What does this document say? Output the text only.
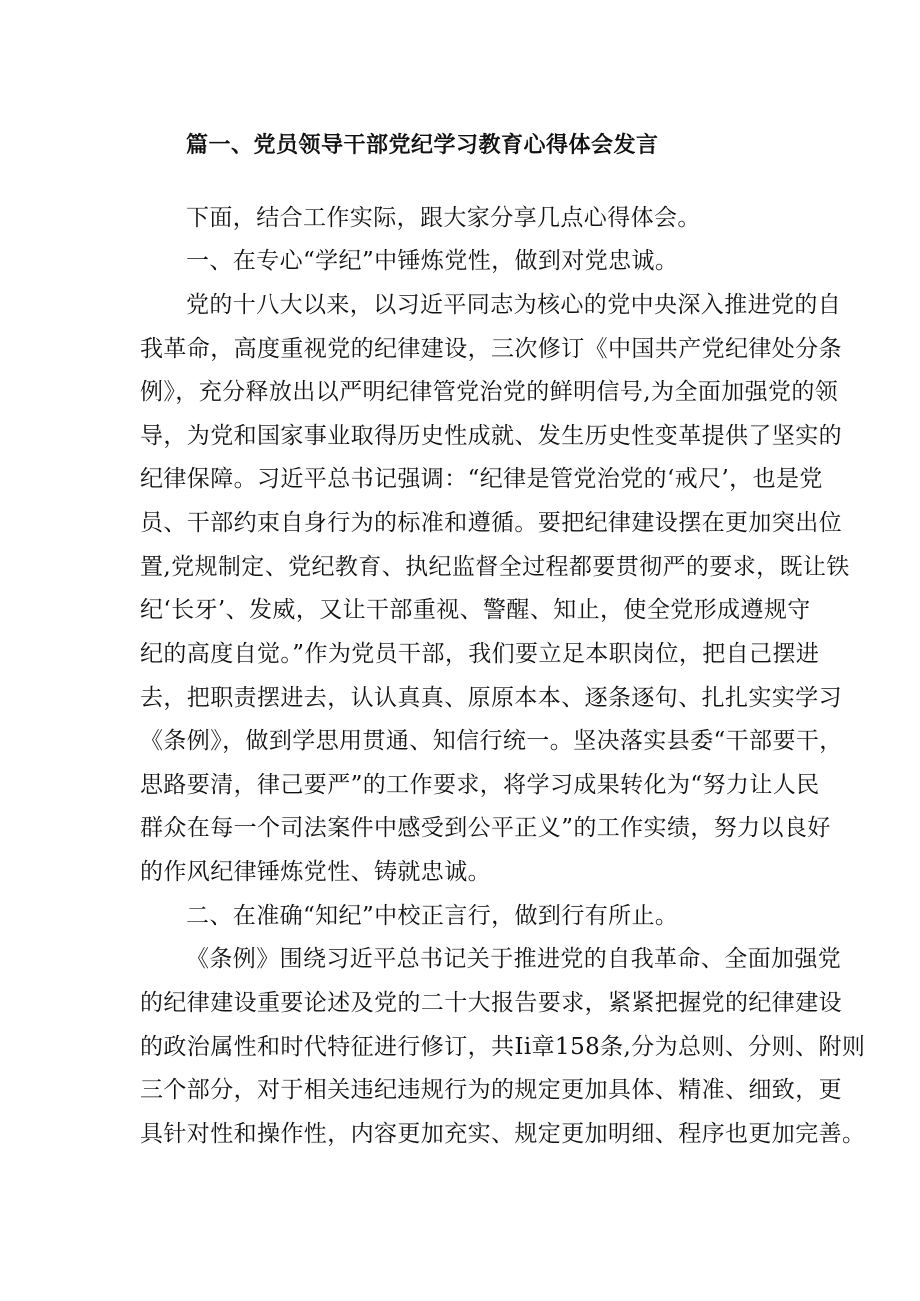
篇一、党员领导干部党纪学习教育心得体会发言
下面，结合工作实际，跟大家分享几点心得体会。
一、在专心“学纪”中锤炼党性，做到对党忠诚。
党的十八大以来，以习近平同志为核心的党中央深入推进党的自
我革命，高度重视党的纪律建设，三次修订《中国共产党纪律处分条
例》，充分释放出以严明纪律管党治党的鲜明信号,为全面加强党的领
导，为党和国家事业取得历史性成就、发生历史性变革提供了坚实的
纪律保障。习近平总书记强调：“纪律是管党治党的‘戒尺’，也是党
员、干部约束自身行为的标准和遵循。要把纪律建设摆在更加突出位
置,党规制定、党纪教育、执纪监督全过程都要贯彻严的要求，既让铁
纪‘长牙’、发威，又让干部重视、警醒、知止，使全党形成遵规守
纪的高度自觉。”作为党员干部，我们要立足本职岗位，把自己摆进
去，把职责摆进去，认认真真、原原本本、逐条逐句、扎扎实实学习
《条例》，做到学思用贯通、知信行统一。坚决落实县委“干部要干，
思路要清，律己要严”的工作要求，将学习成果转化为“努力让人民
群众在每一个司法案件中感受到公平正义”的工作实绩，努力以良好
的作风纪律锤炼党性、铸就忠诚。
二、在准确“知纪”中校正言行，做到行有所止。
《条例》围绕习近平总书记关于推进党的自我革命、全面加强党
的纪律建设重要论述及党的二十大报告要求，紧紧把握党的纪律建设
的政治属性和时代特征进行修订，共Ii章158条,分为总则、分则、附则
三个部分，对于相关违纪违规行为的规定更加具体、精准、细致，更
具针对性和操作性，内容更加充实、规定更加明细、程序也更加完善。
